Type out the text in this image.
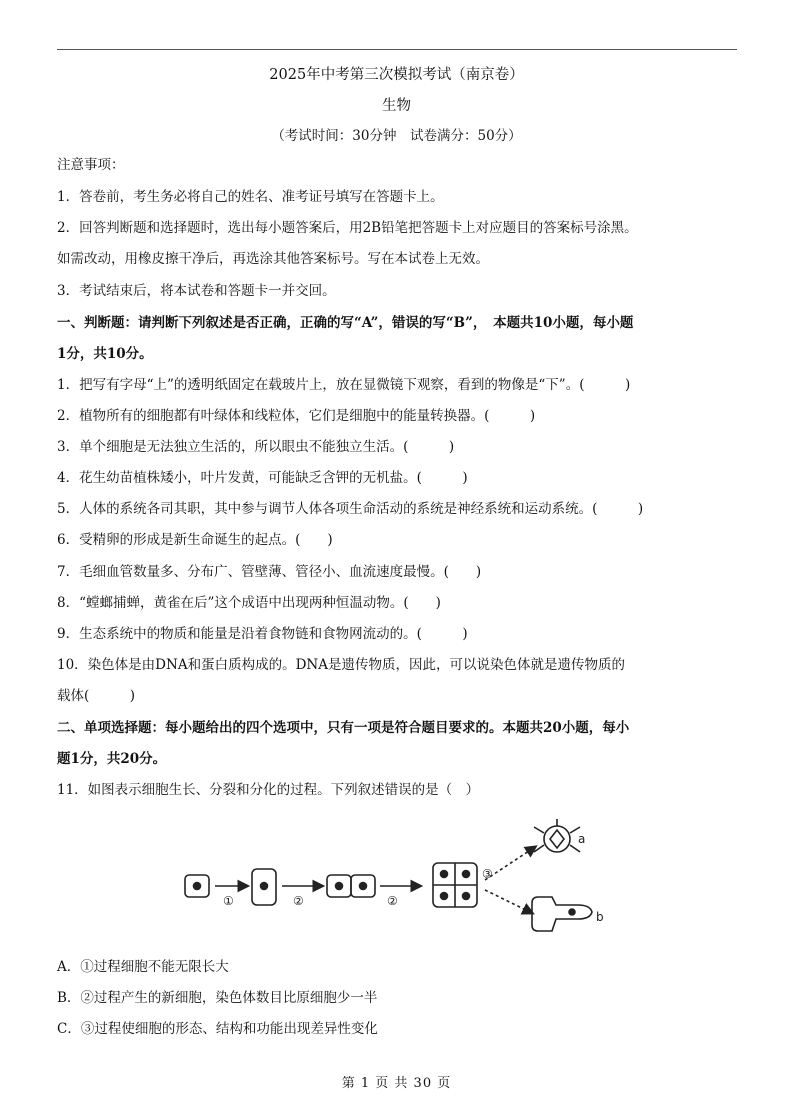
2025年中考第三次模拟考试（南京卷）
生物
（考试时间：30分钟　试卷满分：50分）
注意事项：
1．答卷前，考生务必将自己的姓名、准考证号填写在答题卡上。
2．回答判断题和选择题时，选出每小题答案后，用2B铅笔把答题卡上对应题目的答案标号涂黑。
如需改动，用橡皮擦干净后，再选涂其他答案标号。写在本试卷上无效。
3．考试结束后，将本试卷和答题卡一并交回。
一、判断题：请判断下列叙述是否正确，正确的写“A”，错误的写“B”，　本题共10小题，每小题
1分，共10分。
1．把写有字母“上”的透明纸固定在载玻片上，放在显微镜下观察，看到的物像是“下”。(　　　)
2．植物所有的细胞都有叶绿体和线粒体，它们是细胞中的能量转换器。(　　　)
3．单个细胞是无法独立生活的，所以眼虫不能独立生活。(　　　)
4．花生幼苗植株矮小，叶片发黄，可能缺乏含钾的无机盐。(　　　)
5．人体的系统各司其职，其中参与调节人体各项生命活动的系统是神经系统和运动系统。(　　　)
6．受精卵的形成是新生命诞生的起点。(　　)
7．毛细血管数量多、分布广、管壁薄、管径小、血流速度最慢。(　　)
8．“螳螂捕蝉，黄雀在后”这个成语中出现两种恒温动物。(　　)
9．生态系统中的物质和能量是沿着食物链和食物网流动的。(　　　)
10．染色体是由DNA和蛋白质构成的。DNA是遗传物质，因此，可以说染色体就是遗传物质的
载体(　　　)
二、单项选择题：每小题给出的四个选项中，只有一项是符合题目要求的。本题共20小题，每小
题1分，共20分。
11．如图表示细胞生长、分裂和分化的过程。下列叙述错误的是（　）
①	②	②
③
a
b
A．①过程细胞不能无限长大
B．②过程产生的新细胞，染色体数目比原细胞少一半
C．③过程使细胞的形态、结构和功能出现差异性变化
第 1 页 共 30 页
